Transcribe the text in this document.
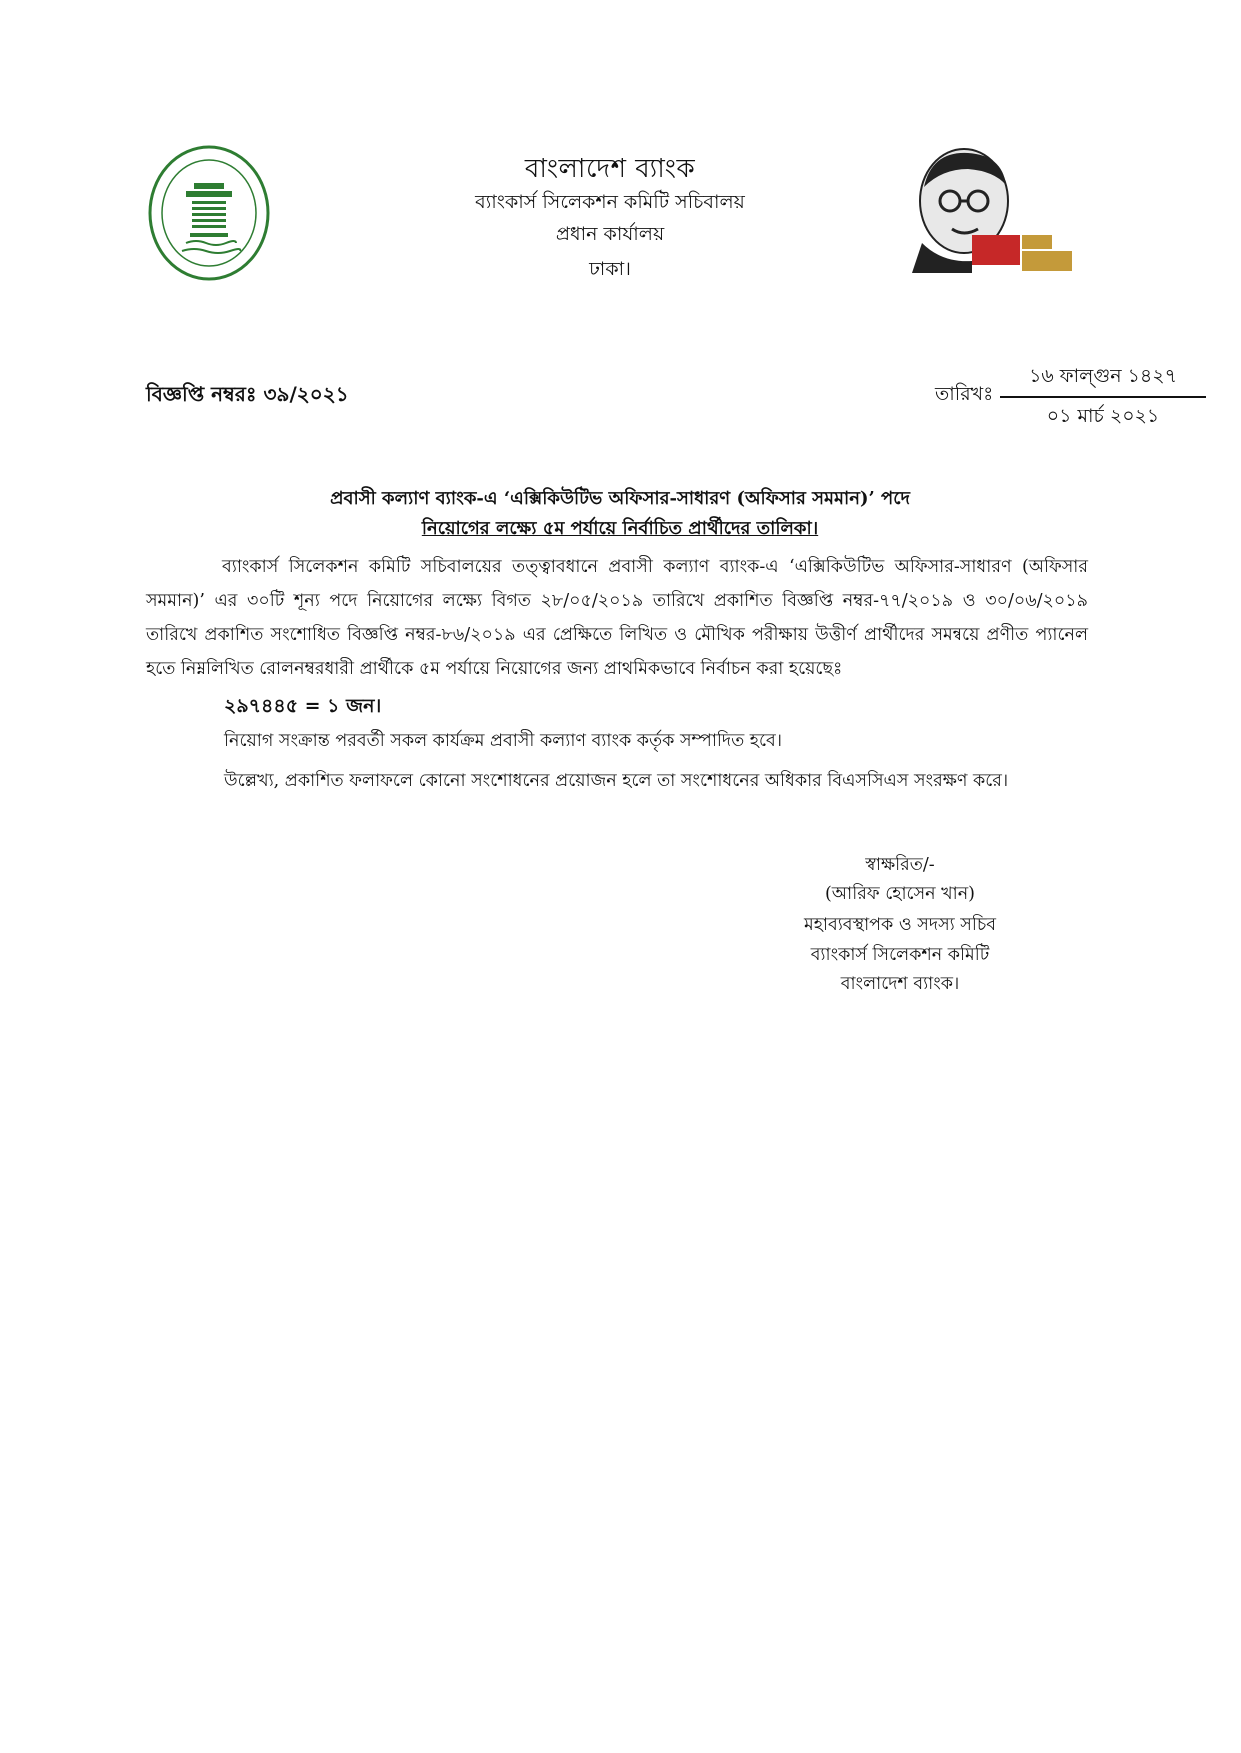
বাংলাদেশ ব্যাংক
ব্যাংকার্স সিলেকশন কমিটি সচিবালয়
প্রধান কার্যালয়
ঢাকা।
বিজ্ঞপ্তি নম্বরঃ ৩৯/২০২১	তারিখঃ
১৬ ফাল্গুন ১৪২৭
০১ মার্চ ২০২১
প্রবাসী কল্যাণ ব্যাংক-এ ‘এক্সিকিউটিভ অফিসার-সাধারণ (অফিসার সমমান)’ পদে
নিয়োগের লক্ষ্যে ৫ম পর্যায়ে নির্বাচিত প্রার্থীদের তালিকা।
ব্যাংকার্স সিলেকশন কমিটি সচিবালয়ের তত্ত্বাবধানে প্রবাসী কল্যাণ ব্যাংক-এ ‘এক্সিকিউটিভ অফিসার-সাধারণ (অফিসার সমমান)’ এর ৩০টি শূন্য পদে নিয়োগের লক্ষ্যে বিগত ২৮/০৫/২০১৯ তারিখে প্রকাশিত বিজ্ঞপ্তি নম্বর-৭৭/২০১৯ ও ৩০/০৬/২০১৯ তারিখে প্রকাশিত সংশোধিত বিজ্ঞপ্তি নম্বর-৮৬/২০১৯ এর প্রেক্ষিতে লিখিত ও মৌখিক পরীক্ষায় উত্তীর্ণ প্রার্থীদের সমন্বয়ে প্রণীত প্যানেল হতে নিম্নলিখিত রোলনম্বরধারী প্রার্থীকে ৫ম পর্যায়ে নিয়োগের জন্য প্রাথমিকভাবে নির্বাচন করা হয়েছেঃ
২৯৭৪৪৫ = ১ জন।
নিয়োগ সংক্রান্ত পরবর্তী সকল কার্যক্রম প্রবাসী কল্যাণ ব্যাংক কর্তৃক সম্পাদিত হবে।
উল্লেখ্য, প্রকাশিত ফলাফলে কোনো সংশোধনের প্রয়োজন হলে তা সংশোধনের অধিকার বিএসসিএস সংরক্ষণ করে।
স্বাক্ষরিত/-
(আরিফ হোসেন খান)
মহাব্যবস্থাপক ও সদস্য সচিব
ব্যাংকার্স সিলেকশন কমিটি
বাংলাদেশ ব্যাংক।
